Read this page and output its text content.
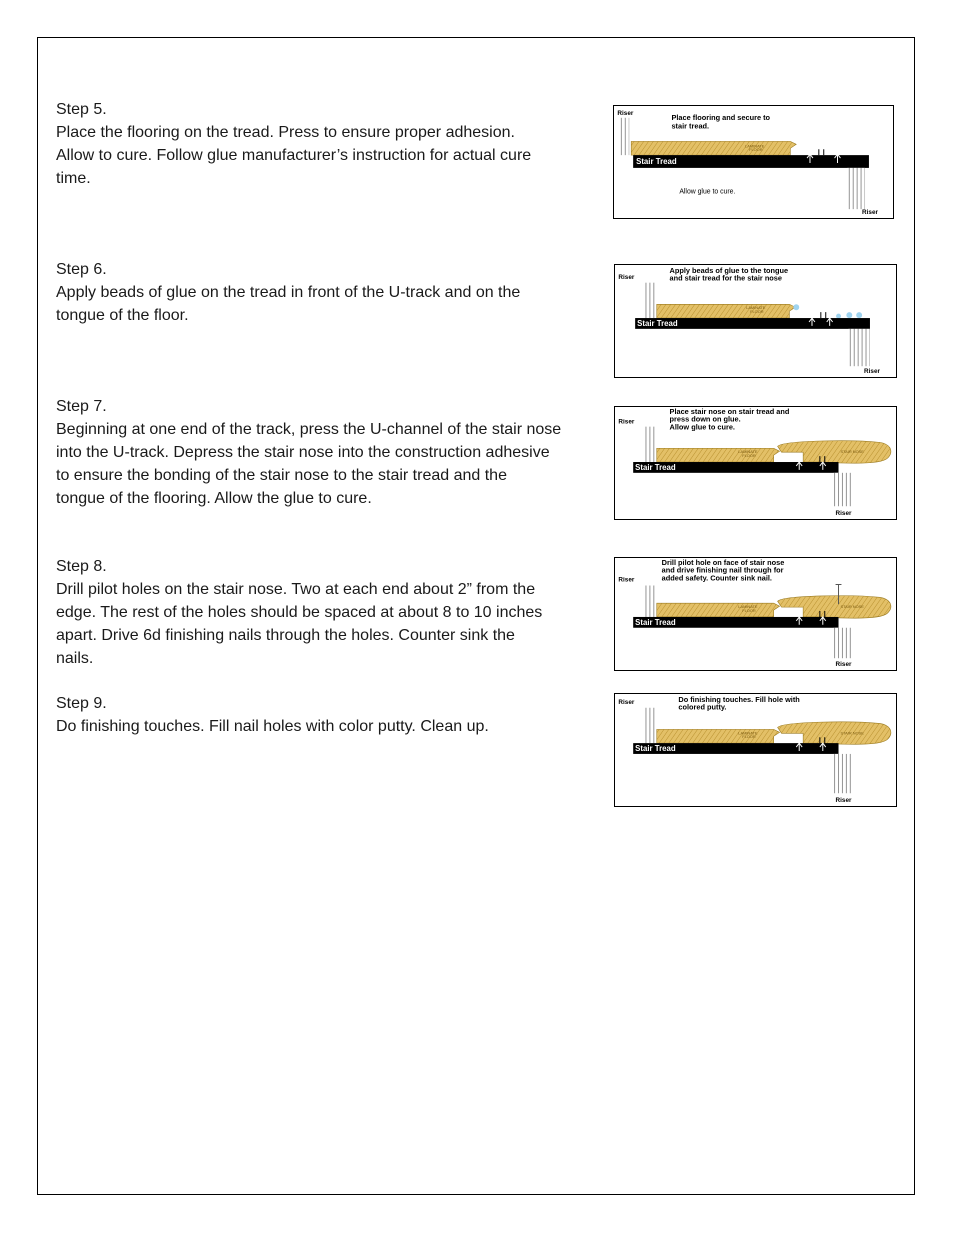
Step 5.

Place the flooring on the tread. Press to ensure proper adhesion.

Allow to cure. Follow glue manufacturer’s instruction for actual cure

time.

Riser	Place flooring and secure to
stair tread.
LAMINATE
FLOOR
Stair Tread
Allow glue to cure.
Riser

Step 6.

Apply beads of glue on the tread in front of the U-track and on the

tongue of the floor.

Riser
Apply beads of glue to the tongue
and stair tread for the stair nose
LAMINATE
FLOOR
Stair Tread
Riser

Step 7.

Beginning at one end of the track, press the U-channel of the stair nose

into the U-track. Depress the stair nose into the construction adhesive

to ensure the bonding of the stair nose to the stair tread and the

tongue of the flooring. Allow the glue to cure.

Riser
Place stair nose on stair tread and
press down on glue.
Allow glue to cure.
LAMINATE
FLOOR
STAIR NOSE
Stair Tread
Riser

Step 8.

Drill pilot holes on the stair nose. Two at each end about 2” from the

edge. The rest of the holes should be spaced at about 8 to 10 inches

apart. Drive 6d finishing nails through the holes. Counter sink the

nails.

Riser
Drill pilot hole on face of stair nose
and drive finishing nail through for
added safety. Counter sink nail.
LAMINATE
FLOOR
STAIR NOSE
Stair Tread
Riser

Step 9.

Do finishing touches. Fill nail holes with color putty. Clean up.

Riser	Do finishing touches. Fill hole with
colored putty.
LAMINATE
FLOOR
STAIR NOSE
Stair Tread
Riser
